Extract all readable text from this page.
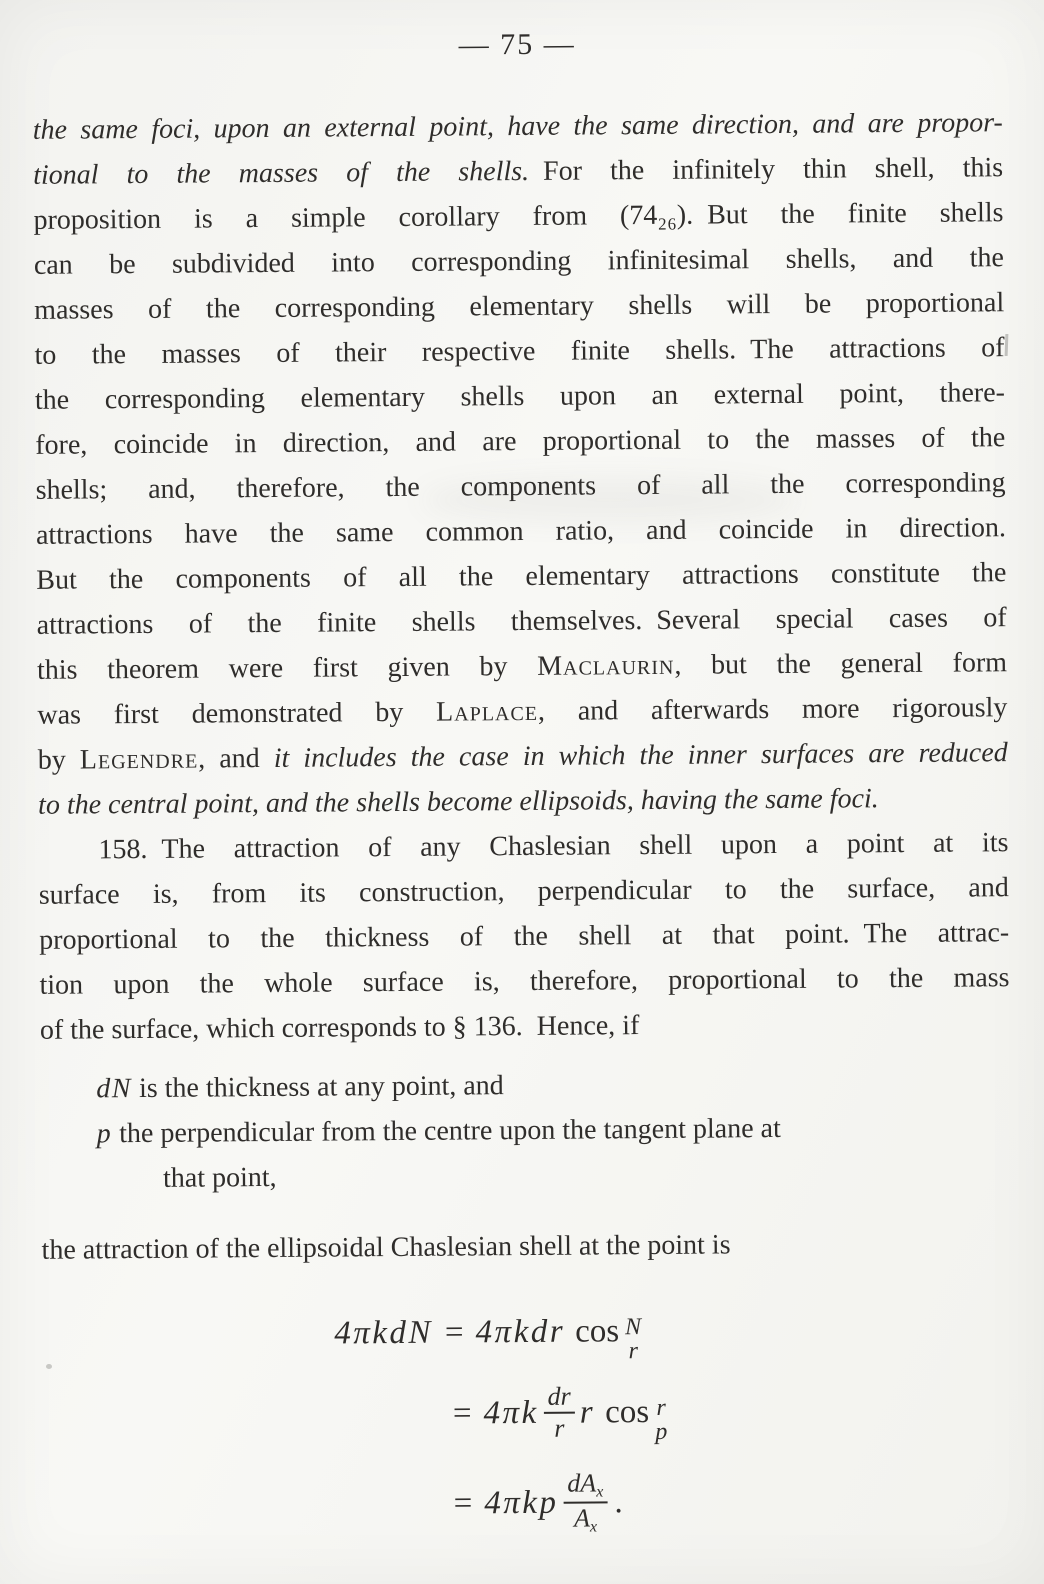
— 75 —
the same foci, upon an external point, have the same direction, and are propor-
tional to the masses of the shells. For the infinitely thin shell, this
proposition is a simple corollary from (74₂₆). But the finite shells
can be subdivided into corresponding infinitesimal shells, and the
masses of the corresponding elementary shells will be proportional
to the masses of their respective finite shells. The attractions of
the corresponding elementary shells upon an external point, there-
fore, coincide in direction, and are proportional to the masses of the
shells; and, therefore, the components of all the corresponding
attractions have the same common ratio, and coincide in direction.
But the components of all the elementary attractions constitute the
attractions of the finite shells themselves. Several special cases of
this theorem were first given by Maclaurin, but the general form
was first demonstrated by Laplace, and afterwards more rigorously
by Legendre, and it includes the case in which the inner surfaces are reduced
to the central point, and the shells become ellipsoids, having the same foci.
158. The attraction of any Chaslesian shell upon a point at its
surface is, from its construction, perpendicular to the surface, and
proportional to the thickness of the shell at that point. The attrac-
tion upon the whole surface is, therefore, proportional to the mass
of the surface, which corresponds to § 136. Hence, if
dN is the thickness at any point, and
p the perpendicular from the centre upon the tangent plane at
that point,
the attraction of the ellipsoidal Chaslesian shell at the point is
4πkdN = 4πkdr cos N
r
= $4\pi k \frac{dr}{r}$ r cos r
p
= $4\pi kp \frac{dA_x}{A_x}$ .
